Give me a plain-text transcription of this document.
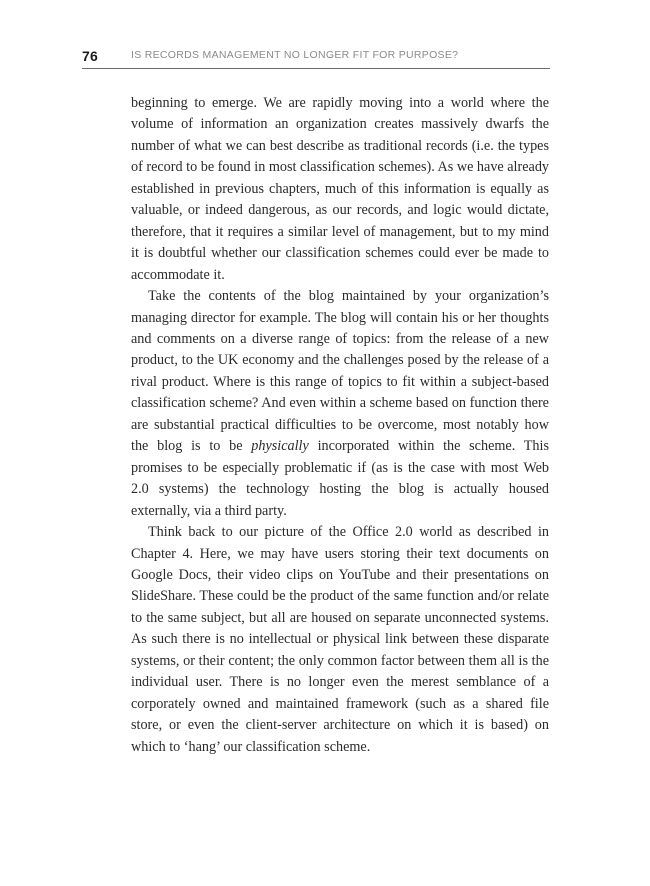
76	IS RECORDS MANAGEMENT NO LONGER FIT FOR PURPOSE?

beginning to emerge. We are rapidly moving into a world where the volume of information an organization creates massively dwarfs the number of what we can best describe as traditional records (i.e. the types of record to be found in most classification schemes). As we have already established in previous chapters, much of this information is equally as valuable, or indeed dangerous, as our records, and logic would dictate, therefore, that it requires a similar level of management, but to my mind it is doubtful whether our classification schemes could ever be made to accommodate it.

Take the contents of the blog maintained by your organization’s managing director for example. The blog will contain his or her thoughts and comments on a diverse range of topics: from the release of a new product, to the UK economy and the challenges posed by the release of a rival product. Where is this range of topics to fit within a subject-based classification scheme? And even within a scheme based on function there are substantial practical difficulties to be overcome, most notably how the blog is to be physically incorporated within the scheme. This promises to be especially problematic if (as is the case with most Web 2.0 systems) the technology hosting the blog is actually housed externally, via a third party.

Think back to our picture of the Office 2.0 world as described in Chapter 4. Here, we may have users storing their text documents on Google Docs, their video clips on YouTube and their presentations on SlideShare. These could be the product of the same function and/or relate to the same subject, but all are housed on separate unconnected systems. As such there is no intellectual or physical link between these disparate systems, or their content; the only common factor between them all is the individual user. There is no longer even the merest semblance of a corporately owned and maintained framework (such as a shared file store, or even the client-server architecture on which it is based) on which to ‘hang’ our classification scheme.
